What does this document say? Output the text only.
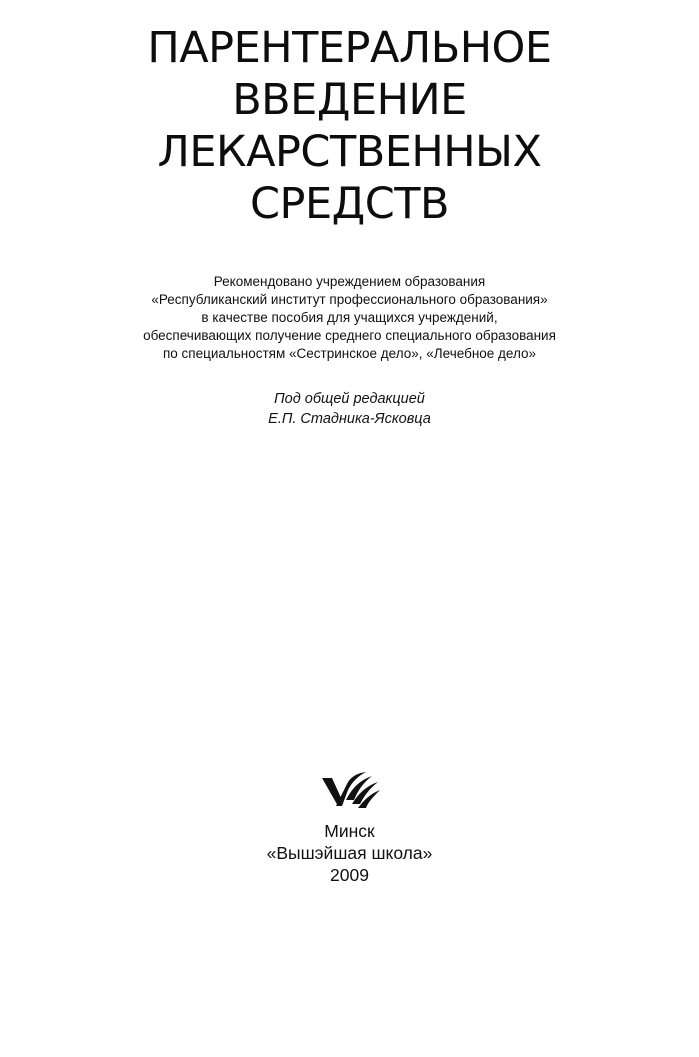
ПАРЕНТЕРАЛЬНОЕ
ВВЕДЕНИЕ
ЛЕКАРСТВЕННЫХ
СРЕДСТВ
Рекомендовано учреждением образования
«Республиканский институт профессионального образования»
в качестве пособия для учащихся учреждений,
обеспечивающих получение среднего специального образования
по специальностям «Сестринское дело», «Лечебное дело»
Под общей редакцией
Е.П. Стадника-Ясковца
Минск
«Вышэйшая школа»
2009
